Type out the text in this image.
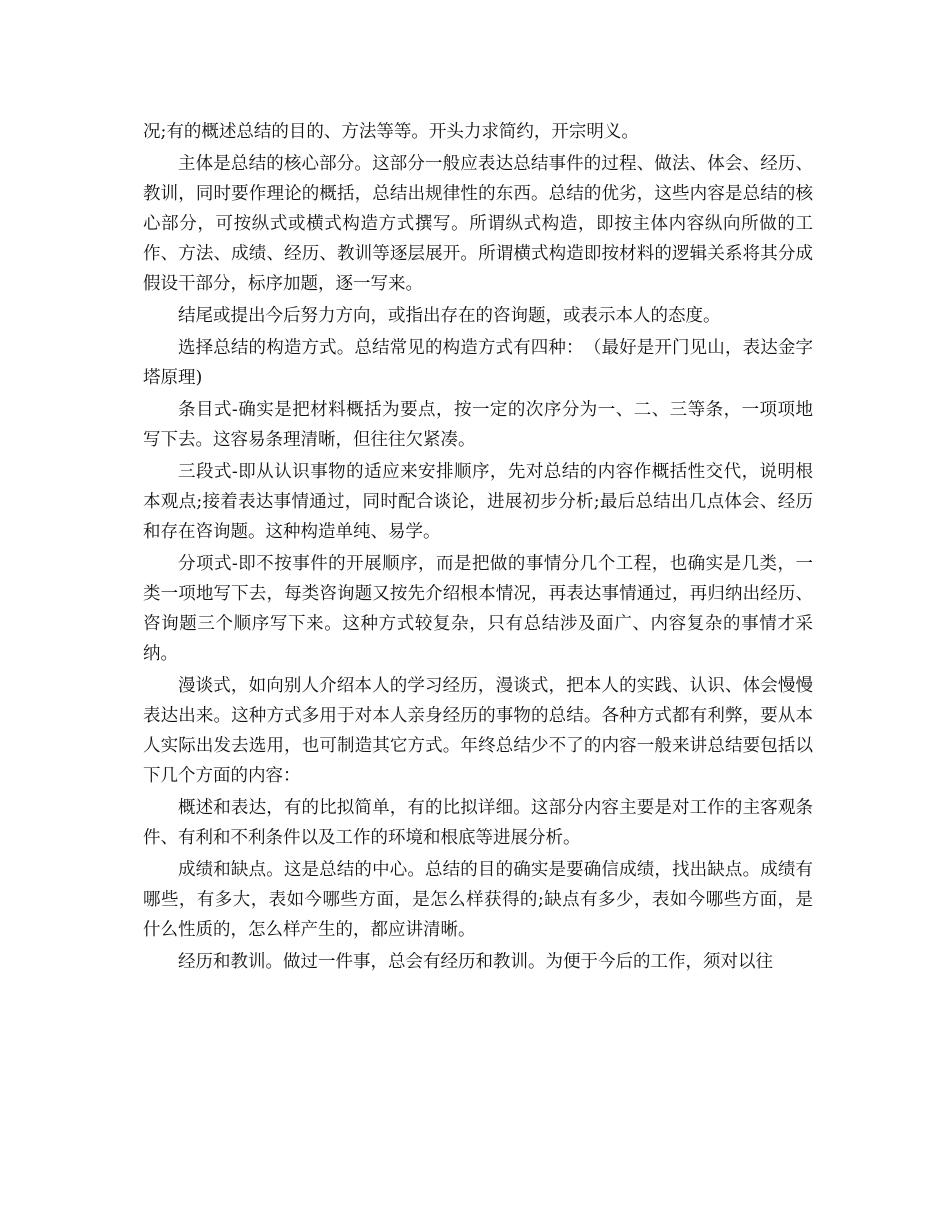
况;有的概述总结的目的、方法等等。开头力求简约，开宗明义。

主体是总结的核心部分。这部分一般应表达总结事件的过程、做法、体会、经历、教训，同时要作理论的概括，总结出规律性的东西。总结的优劣，这些内容是总结的核心部分，可按纵式或横式构造方式撰写。所谓纵式构造，即按主体内容纵向所做的工作、方法、成绩、经历、教训等逐层展开。所谓横式构造即按材料的逻辑关系将其分成假设干部分，标序加题，逐一写来。

结尾或提出今后努力方向，或指出存在的咨询题，或表示本人的态度。

选择总结的构造方式。总结常见的构造方式有四种：　（最好是开门见山，表达金字塔原理)

条目式-确实是把材料概括为要点，按一定的次序分为一、二、三等条，一项项地写下去。这容易条理清晰，但往往欠紧凑。

三段式-即从认识事物的适应来安排顺序，先对总结的内容作概括性交代，说明根本观点;接着表达事情通过，同时配合谈论，进展初步分析;最后总结出几点体会、经历和存在咨询题。这种构造单纯、易学。

分项式-即不按事件的开展顺序，而是把做的事情分几个工程，也确实是几类，一类一项地写下去，每类咨询题又按先介绍根本情况，再表达事情通过，再归纳出经历、咨询题三个顺序写下来。这种方式较复杂，只有总结涉及面广、内容复杂的事情才采纳。

漫谈式，如向别人介绍本人的学习经历，漫谈式，把本人的实践、认识、体会慢慢表达出来。这种方式多用于对本人亲身经历的事物的总结。各种方式都有利弊，要从本人实际出发去选用，也可制造其它方式。年终总结少不了的内容一般来讲总结要包括以下几个方面的内容：

概述和表达，有的比拟简单，有的比拟详细。这部分内容主要是对工作的主客观条件、有利和不利条件以及工作的环境和根底等进展分析。

成绩和缺点。这是总结的中心。总结的目的确实是要确信成绩，找出缺点。成绩有哪些，有多大，表如今哪些方面，是怎么样获得的;缺点有多少，表如今哪些方面，是什么性质的，怎么样产生的，都应讲清晰。

经历和教训。做过一件事，总会有经历和教训。为便于今后的工作，须对以往
